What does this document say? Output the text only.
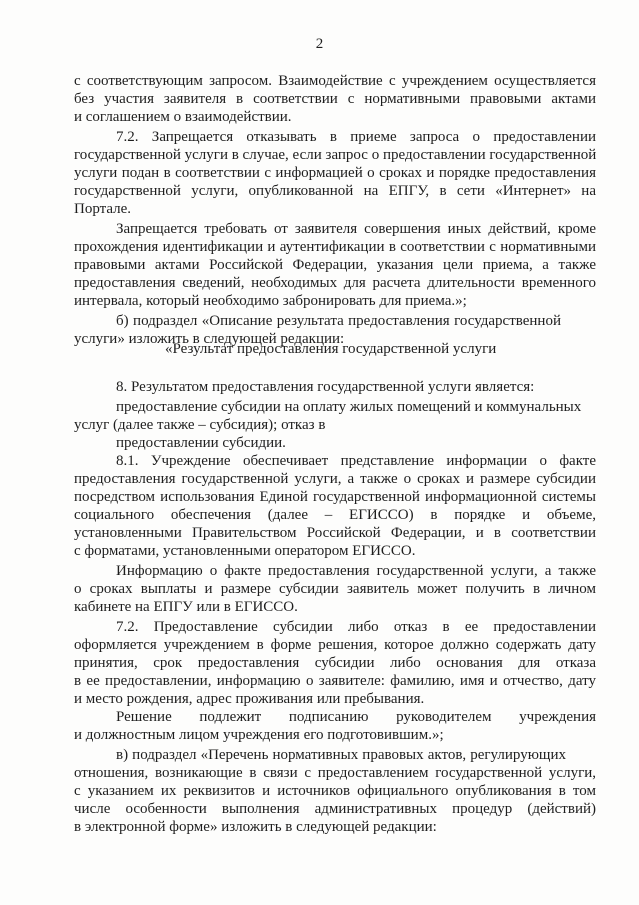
2
с соответствующим запросом. Взаимодействие с учреждением осуществляется
без участия заявителя в соответствии с нормативными правовыми актами
и соглашением о взаимодействии.
7.2. Запрещается отказывать в приеме запроса о предоставлении
государственной услуги в случае, если запрос о предоставлении государственной
услуги подан в соответствии с информацией о сроках и порядке предоставления
государственной услуги, опубликованной на ЕПГУ, в сети «Интернет» на
Портале.
Запрещается требовать от заявителя совершения иных действий, кроме
прохождения идентификации и аутентификации в соответствии с нормативными
правовыми актами Российской Федерации, указания цели приема, а также
предоставления сведений, необходимых для расчета длительности временного
интервала, который необходимо забронировать для приема.»;
б) подраздел «Описание результата предоставления государственной
услуги» изложить в следующей редакции:
«Результат предоставления государственной услуги
8. Результатом предоставления государственной услуги является:
предоставление субсидии на оплату жилых помещений и коммунальных
услуг (далее также – субсидия); отказ в
предоставлении субсидии.
8.1. Учреждение обеспечивает представление информации о факте
предоставления государственной услуги, а также о сроках и размере субсидии
посредством использования Единой государственной информационной системы
социального обеспечения (далее – ЕГИССО) в порядке и объеме,
установленными Правительством Российской Федерации, и в соответствии
с форматами, установленными оператором ЕГИССО.
Информацию о факте предоставления государственной услуги, а также
о сроках выплаты и размере субсидии заявитель может получить в личном
кабинете на ЕПГУ или в ЕГИССО.
7.2. Предоставление субсидии либо отказ в ее предоставлении
оформляется учреждением в форме решения, которое должно содержать дату
принятия, срок предоставления субсидии либо основания для отказа
в ее предоставлении, информацию о заявителе: фамилию, имя и отчество, дату
и место рождения, адрес проживания или пребывания.
Решение подлежит подписанию руководителем учреждения
и должностным лицом учреждения его подготовившим.»;
в) подраздел «Перечень нормативных правовых актов, регулирующих
отношения, возникающие в связи с предоставлением государственной услуги,
с указанием их реквизитов и источников официального опубликования в том
числе особенности выполнения административных процедур (действий)
в электронной форме» изложить в следующей редакции:
